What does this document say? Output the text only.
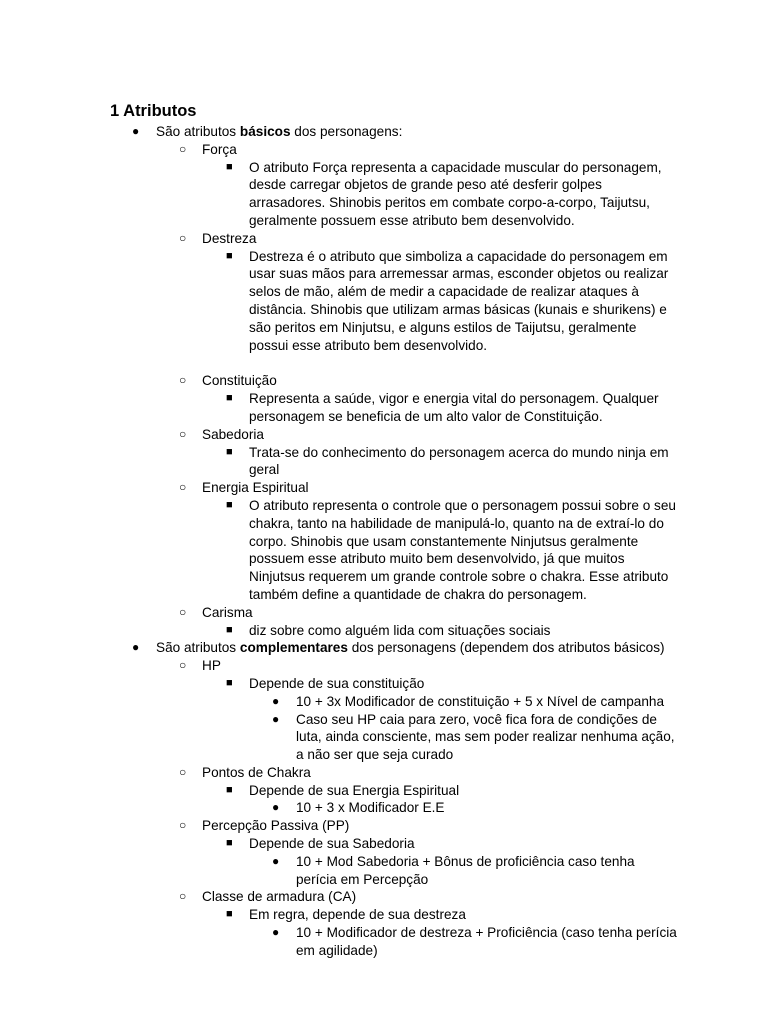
1 Atributos
● São atributos básicos dos personagens:
○ Força
■ O atributo Força representa a capacidade muscular do personagem,
desde carregar objetos de grande peso até desferir golpes
arrasadores. Shinobis peritos em combate corpo-a-corpo, Taijutsu,
geralmente possuem esse atributo bem desenvolvido.
○ Destreza
■ Destreza é o atributo que simboliza a capacidade do personagem em
usar suas mãos para arremessar armas, esconder objetos ou realizar
selos de mão, além de medir a capacidade de realizar ataques à
distância. Shinobis que utilizam armas básicas (kunais e shurikens) e
são peritos em Ninjutsu, e alguns estilos de Taijutsu, geralmente
possui esse atributo bem desenvolvido.
○ Constituição
■ Representa a saúde, vigor e energia vital do personagem. Qualquer
personagem se beneficia de um alto valor de Constituição.
○ Sabedoria
■ Trata-se do conhecimento do personagem acerca do mundo ninja em
geral
○ Energia Espiritual
■ O atributo representa o controle que o personagem possui sobre o seu
chakra, tanto na habilidade de manipulá-lo, quanto na de extraí-lo do
corpo. Shinobis que usam constantemente Ninjutsus geralmente
possuem esse atributo muito bem desenvolvido, já que muitos
Ninjutsus requerem um grande controle sobre o chakra. Esse atributo
também define a quantidade de chakra do personagem.
○ Carisma
■ diz sobre como alguém lida com situações sociais
● São atributos complementares dos personagens (dependem dos atributos básicos)
○ HP
■ Depende de sua constituição
● 10 + 3x Modificador de constituição + 5 x Nível de campanha
● Caso seu HP caia para zero, você fica fora de condições de
luta, ainda consciente, mas sem poder realizar nenhuma ação,
a não ser que seja curado
○ Pontos de Chakra
■ Depende de sua Energia Espiritual
● 10 + 3 x Modificador E.E
○ Percepção Passiva (PP)
■ Depende de sua Sabedoria
● 10 + Mod Sabedoria + Bônus de proficiência caso tenha
perícia em Percepção
○ Classe de armadura (CA)
■ Em regra, depende de sua destreza
● 10 + Modificador de destreza + Proficiência (caso tenha perícia
em agilidade)
